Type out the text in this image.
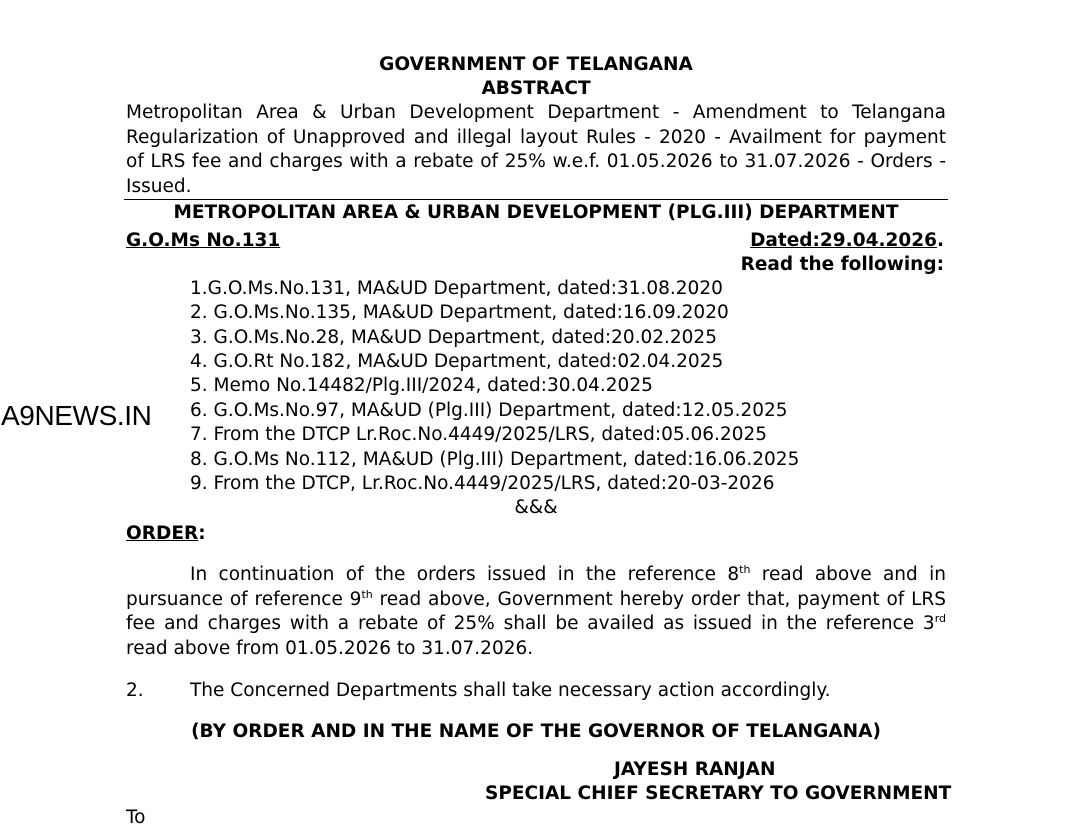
GOVERNMENT OF TELANGANA
ABSTRACT
Metropolitan Area & Urban Development Department - Amendment to Telangana
Regularization of Unapproved and illegal layout Rules - 2020 - Availment for payment
of LRS fee and charges with a rebate of 25% w.e.f. 01.05.2026 to 31.07.2026 - Orders -
Issued.
METROPOLITAN AREA & URBAN DEVELOPMENT (PLG.III) DEPARTMENT
G.O.Ms No.131	Dated:29.04.2026.
Read the following:
1.G.O.Ms.No.131, MA&UD Department, dated:31.08.2020
2. G.O.Ms.No.135, MA&UD Department, dated:16.09.2020
3. G.O.Ms.No.28, MA&UD Department, dated:20.02.2025
4. G.O.Rt No.182, MA&UD Department, dated:02.04.2025
5. Memo No.14482/Plg.III/2024, dated:30.04.2025
6. G.O.Ms.No.97, MA&UD (Plg.III) Department, dated:12.05.2025
7. From the DTCP Lr.Roc.No.4449/2025/LRS, dated:05.06.2025
8. G.O.Ms No.112, MA&UD (Plg.III) Department, dated:16.06.2025
9. From the DTCP, Lr.Roc.No.4449/2025/LRS, dated:20-03-2026
&&&
A9NEWS.IN
ORDER:
In continuation of the orders issued in the reference 8th read above and in pursuance of reference 9th read above, Government hereby order that, payment of LRS fee and charges with a rebate of 25% shall be availed as issued in the reference 3rd read above from 01.05.2026 to 31.07.2026.
2.	The Concerned Departments shall take necessary action accordingly.
(BY ORDER AND IN THE NAME OF THE GOVERNOR OF TELANGANA)
JAYESH RANJAN
SPECIAL CHIEF SECRETARY TO GOVERNMENT
To
